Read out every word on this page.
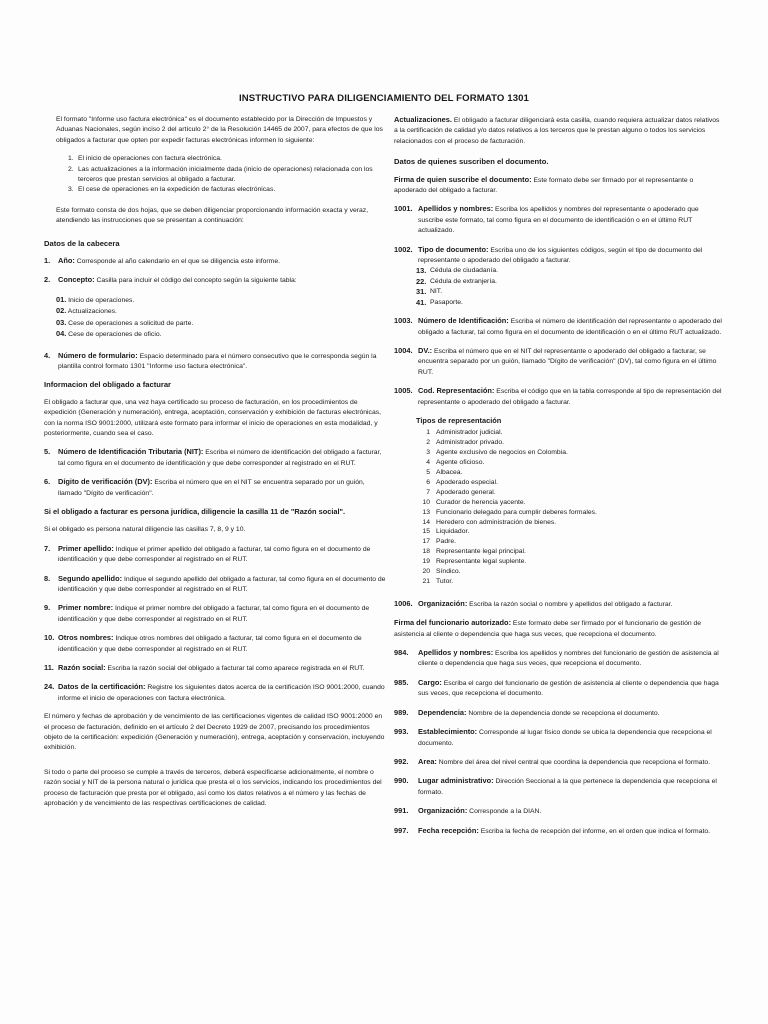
INSTRUCTIVO PARA DILIGENCIAMIENTO DEL FORMATO 1301

El formato "Informe uso factura electrónica" es el documento establecido por la Dirección de Impuestos y Aduanas Nacionales, según inciso 2 del artículo 2° de la Resolución 14465 de 2007, para efectos de que los obligados a facturar que opten por expedir facturas electrónicas informen lo siguiente:

1. El inicio de operaciones con factura electrónica.
2. Las actualizaciones a la información inicialmente dada (inicio de operaciones) relacionada con los terceros que prestan servicios al obligado a facturar.
3. El cese de operaciones en la expedición de facturas electrónicas.

Este formato consta de dos hojas, que se deben diligenciar proporcionando información exacta y veraz, atendiendo las instrucciones que se presentan a continuación:

Datos de la cabecera
1.	Año: Corresponde al año calendario en el que se diligencia este informe.
2.	Concepto: Casilla para incluir el código del concepto según la siguiente tabla:
01. Inicio de operaciones.
02. Actualizaciones.
03. Cese de operaciones a solicitud de parte.
04. Cese de operaciones de oficio.
4.	Número de formulario: Espacio determinado para el número consecutivo que le corresponda según la plantilla control formato 1301 "Informe uso factura electrónica".
Informacion del obligado a facturar

El obligado a facturar que, una vez haya certificado su proceso de facturación, en los procedimientos de expedición (Generación y numeración), entrega, aceptación, conservación y exhibición de facturas electrónicas, con la norma ISO 9001:2000, utilizará este formato para informar el inicio de operaciones en esta modalidad, y posteriormente, cuando sea el caso.

5.	Número de Identificación Tributaria (NIT): Escriba el número de identificación del obligado a facturar, tal como figura en el documento de identificación y que debe corresponder al registrado en el RUT.
6.	Dígito de verificación (DV): Escriba el número que en el NIT se encuentra separado por un guión, llamado "Dígito de verificación".

Si el obligado a facturar es persona jurídica, diligencie la casilla 11 de "Razón social".

Si el obligado es persona natural diligencie las casillas 7, 8, 9 y 10.

7.	Primer apellido: Indique el primer apellido del obligado a facturar, tal como figura en el documento de identificación y que debe corresponder al registrado en el RUT.
8.	Segundo apellido: Indique el segundo apellido del obligado a facturar, tal como figura en el documento de identificación y que debe corresponder al registrado en el RUT.
9.	Primer nombre: Indique el primer nombre del obligado a facturar, tal como figura en el documento de identificación y que debe corresponder al registrado en el RUT.
10. Otros nombres: Indique otros nombres del obligado a facturar, tal como figura en el documento de identificación y que debe corresponder al registrado en el RUT.
11. Razón social: Escriba la razón social del obligado a facturar tal como aparece registrada en el RUT.
24. Datos de la certificación: Registre los siguientes datos acerca de la certificación ISO 9001:2000, cuando informe el inicio de operaciones con factura electrónica.

El número y fechas de aprobación y de vencimiento de las certificaciones vigentes de calidad ISO 9001:2000 en el proceso de facturación, definido en el artículo 2 del Decreto 1929 de 2007, precisando los procedimientos objeto de la certificación: expedición (Generación y numeración), entrega, aceptación y conservación, incluyendo exhibición.

Si todo o parte del proceso se cumple a través de terceros, deberá especificarse adicionalmente, el nombre o razón social y NIT de la persona natural o jurídica que presta el o los servicios, indicando los procedimientos del proceso de facturación que presta por el obligado, así como los datos relativos a el número y las fechas de aprobación y de vencimiento de las respectivas certificaciones de calidad.

Actualizaciones. El obligado a facturar diligenciará esta casilla, cuando requiera actualizar datos relativos a la certificación de calidad y/o datos relativos a los terceros que le prestan alguno o todos los servicios relacionados con el proceso de facturación.

Datos de quienes suscriben el documento.

Firma de quien suscribe el documento: Este formato debe ser firmado por el representante o apoderado del obligado a facturar.

1001. Apellidos y nombres: Escriba los apellidos y nombres del representante o apoderado que suscribe este formato, tal como figura en el documento de identificación o en el último RUT actualizado.
1002. Tipo de documento: Escriba uno de los siguientes códigos, según el tipo de documento del representante o apoderado del obligado a facturar.
13. Cédula de ciudadanía.
22. Cédula de extranjería.
31. NIT.
41. Pasaporte.
1003. Número de Identificación: Escriba el número de identificación del representante o apoderado del obligado a facturar, tal como figura en el documento de identificación o en el último RUT actualizado.
1004. DV.: Escriba el número que en el NIT del representante o apoderado del obligado a facturar, se encuentra separado por un guión, llamado "Dígito de verificación" (DV), tal como figura en el último RUT.
1005. Cod. Representación: Escriba el código que en la tabla corresponde al tipo de representación del representante o apoderado del obligado a facturar.
Tipos de representación
1 Administrador judicial.
2 Administrador privado.
3 Agente exclusivo de negocios en Colombia.
4 Agente oficioso.
5 Albacea.
6 Apoderado especial.
7 Apoderado general.
10 Curador de herencia yacente.
13 Funcionario delegado para cumplir deberes formales.
14 Heredero con administración de bienes.
15 Liquidador.
17 Padre.
18 Representante legal principal.
19 Representante legal suplente.
20 Síndico.
21 Tutor.
1006. Organización: Escriba la razón social o nombre y apellidos del obligado a facturar.

Firma del funcionario autorizado: Este formato debe ser firmado por el funcionario de gestión de asistencia al cliente o dependencia que haga sus veces, que recepciona el documento.

984.	Apellidos y nombres: Escriba los apellidos y nombres del funcionario de gestión de asistencia al cliente o dependencia que haga sus veces, que recepciona el documento.
985.	Cargo: Escriba el cargo del funcionario de gestión de asistencia al cliente o dependencia que haga sus veces, que recepciona el documento.
989.	Dependencia: Nombre de la dependencia donde se recepciona el documento.
993.	Establecimiento: Corresponde al lugar físico donde se ubica la dependencia que recepciona el documento.
992.	Area: Nombre del área del nivel central que coordina la dependencia que recepciona el formato.
990.	Lugar administrativo: Dirección Seccional a la que pertenece la dependencia que recepciona el formato.
991.	Organización: Corresponde a la DIAN.
997.	Fecha recepción: Escriba la fecha de recepción del informe, en el orden que indica el formato.
